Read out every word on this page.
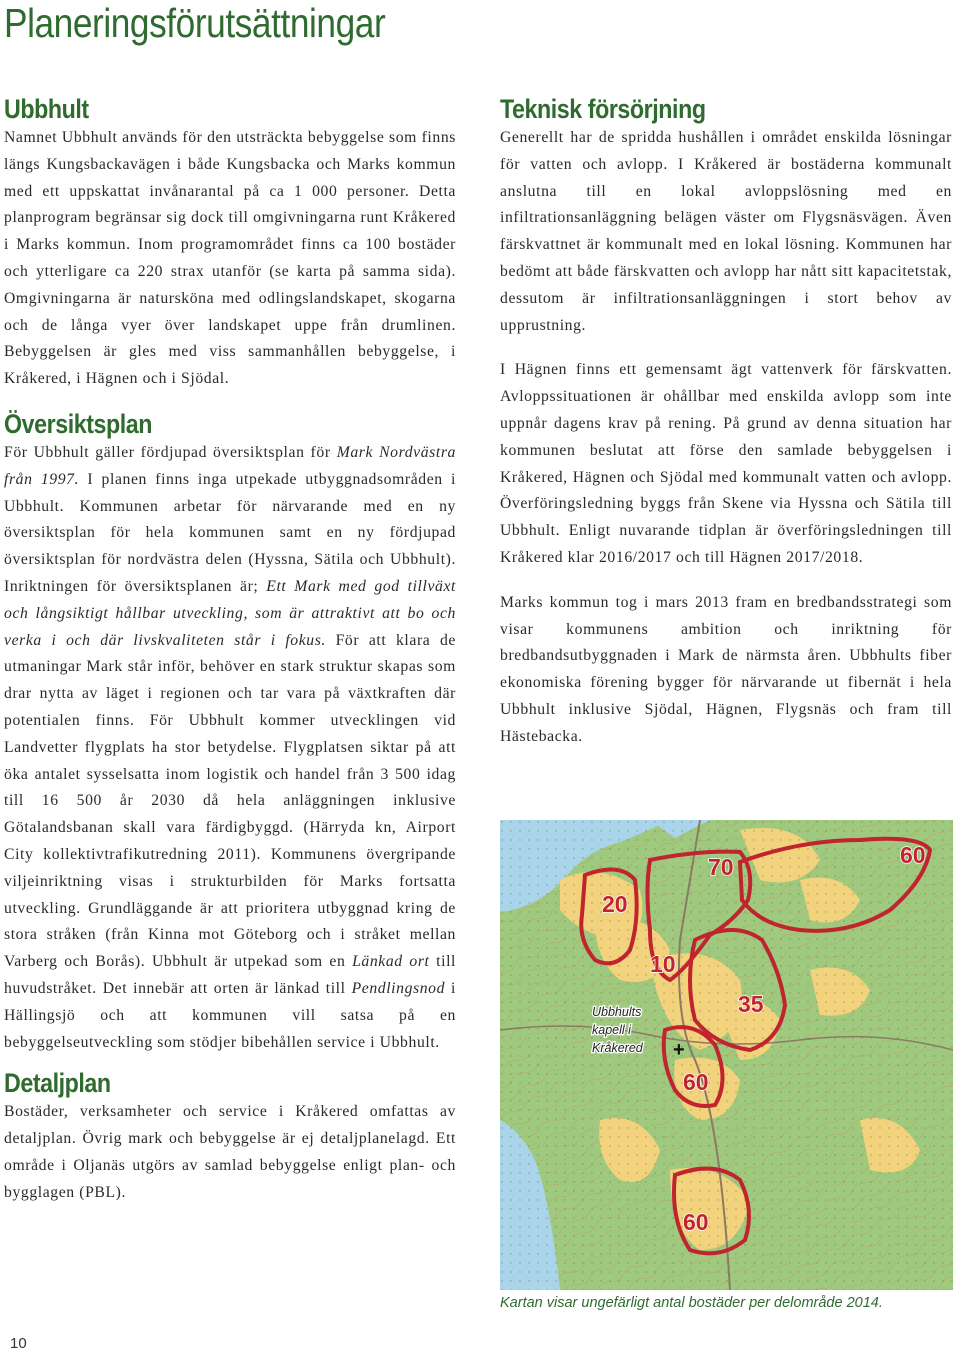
Planeringsförutsättningar
Ubbhult

Namnet Ubbhult används för den utsträckta bebyggelse som finns längs Kungsbackavägen i både Kungsbacka och Marks kommun med ett uppskattat invånarantal på ca 1 000 personer. Detta planprogram begränsar sig dock till omgivningarna runt Kråkered i Marks kommun. Inom programområdet finns ca 100 bostäder och ytterligare ca 220 strax utanför (se karta på samma sida). Omgivningarna är natursköna med odlingslandskapet, skogarna och de långa vyer över landskapet uppe från drumlinen. Bebyggelsen är gles med viss sammanhållen bebyggelse, i Kråkered, i Hägnen och i Sjödal.

Översiktsplan

För Ubbhult gäller fördjupad översiktsplan för Mark Nordvästra från 1997. I planen finns inga utpekade utbyggnadsområden i Ubbhult. Kommunen arbetar för närvarande med en ny översiktsplan för hela kommunen samt en ny fördjupad översiktsplan för nordvästra delen (Hyssna, Sätila och Ubbhult). Inriktningen för översiktsplanen är; Ett Mark med god tillväxt och långsiktigt hållbar utveckling, som är attraktivt att bo och verka i och där livskvaliteten står i fokus. För att klara de utmaningar Mark står inför, behöver en stark struktur skapas som drar nytta av läget i regionen och tar vara på växtkraften där potentialen finns. För Ubbhult kommer utvecklingen vid Landvetter flygplats ha stor betydelse. Flygplatsen siktar på att öka antalet sysselsatta inom logistik och handel från 3 500 idag till 16 500 år 2030 då hela anläggningen inklusive Götalandsbanan skall vara färdigbyggd. (Härryda kn, Airport City kollektivtrafikutredning 2011). Kommunens övergripande viljeinriktning visas i strukturbilden för Marks fortsatta utveckling. Grundläggande är att prioritera utbyggnad kring de stora stråken (från Kinna mot Göteborg och i stråket mellan Varberg och Borås). Ubbhult är utpekad som en Länkad ort till huvudstråket. Det innebär att orten är länkad till Pendlingsnod i Hällingsjö och att kommunen vill satsa på en bebyggelseutveckling som stödjer bibehållen service i Ubbhult.

Detaljplan

Bostäder, verksamheter och service i Kråkered omfattas av detaljplan. Övrig mark och bebyggelse är ej detaljplanelagd. Ett område i Oljanäs utgörs av samlad bebyggelse enligt plan- och bygglagen (PBL).

Teknisk försörjning

Generellt har de spridda hushållen i området enskilda lösningar för vatten och avlopp. I Kråkered är bostäderna kommunalt anslutna till en lokal avloppslösning med en infiltrationsanläggning belägen väster om Flygsnäsvägen. Även färskvattnet är kommunalt med en lokal lösning. Kommunen har bedömt att både färskvatten och avlopp har nått sitt kapacitetstak, dessutom är infiltrationsanläggningen i stort behov av upprustning.

I Hägnen finns ett gemensamt ägt vattenverk för färskvatten. Avloppssituationen är ohållbar med enskilda avlopp som inte uppnår dagens krav på rening. På grund av denna situation har kommunen beslutat att förse den samlade bebyggelsen i Kråkered, Hägnen och Sjödal med kommunalt vatten och avlopp. Överföringsledning byggs från Skene via Hyssna och Sätila till Ubbhult. Enligt nuvarande tidplan är överföringsledningen till Kråkered klar 2016/2017 och till Hägnen 2017/2018.

Marks kommun tog i mars 2013 fram en bredbandsstrategi som visar kommunens ambition och inriktning för bredbandsutbyggnaden i Mark de närmsta åren. Ubbhults fiber ekonomiska förening bygger för närvarande ut fibernät i hela Ubbhult inklusive Sjödal, Hägnen, Flygsnäs och fram till Hästebacka.

60
70
20
10
35
60
60
Ubbhults
kapell i
Kråkered +
Kartan visar ungefärligt antal bostäder per delområde 2014.
10
